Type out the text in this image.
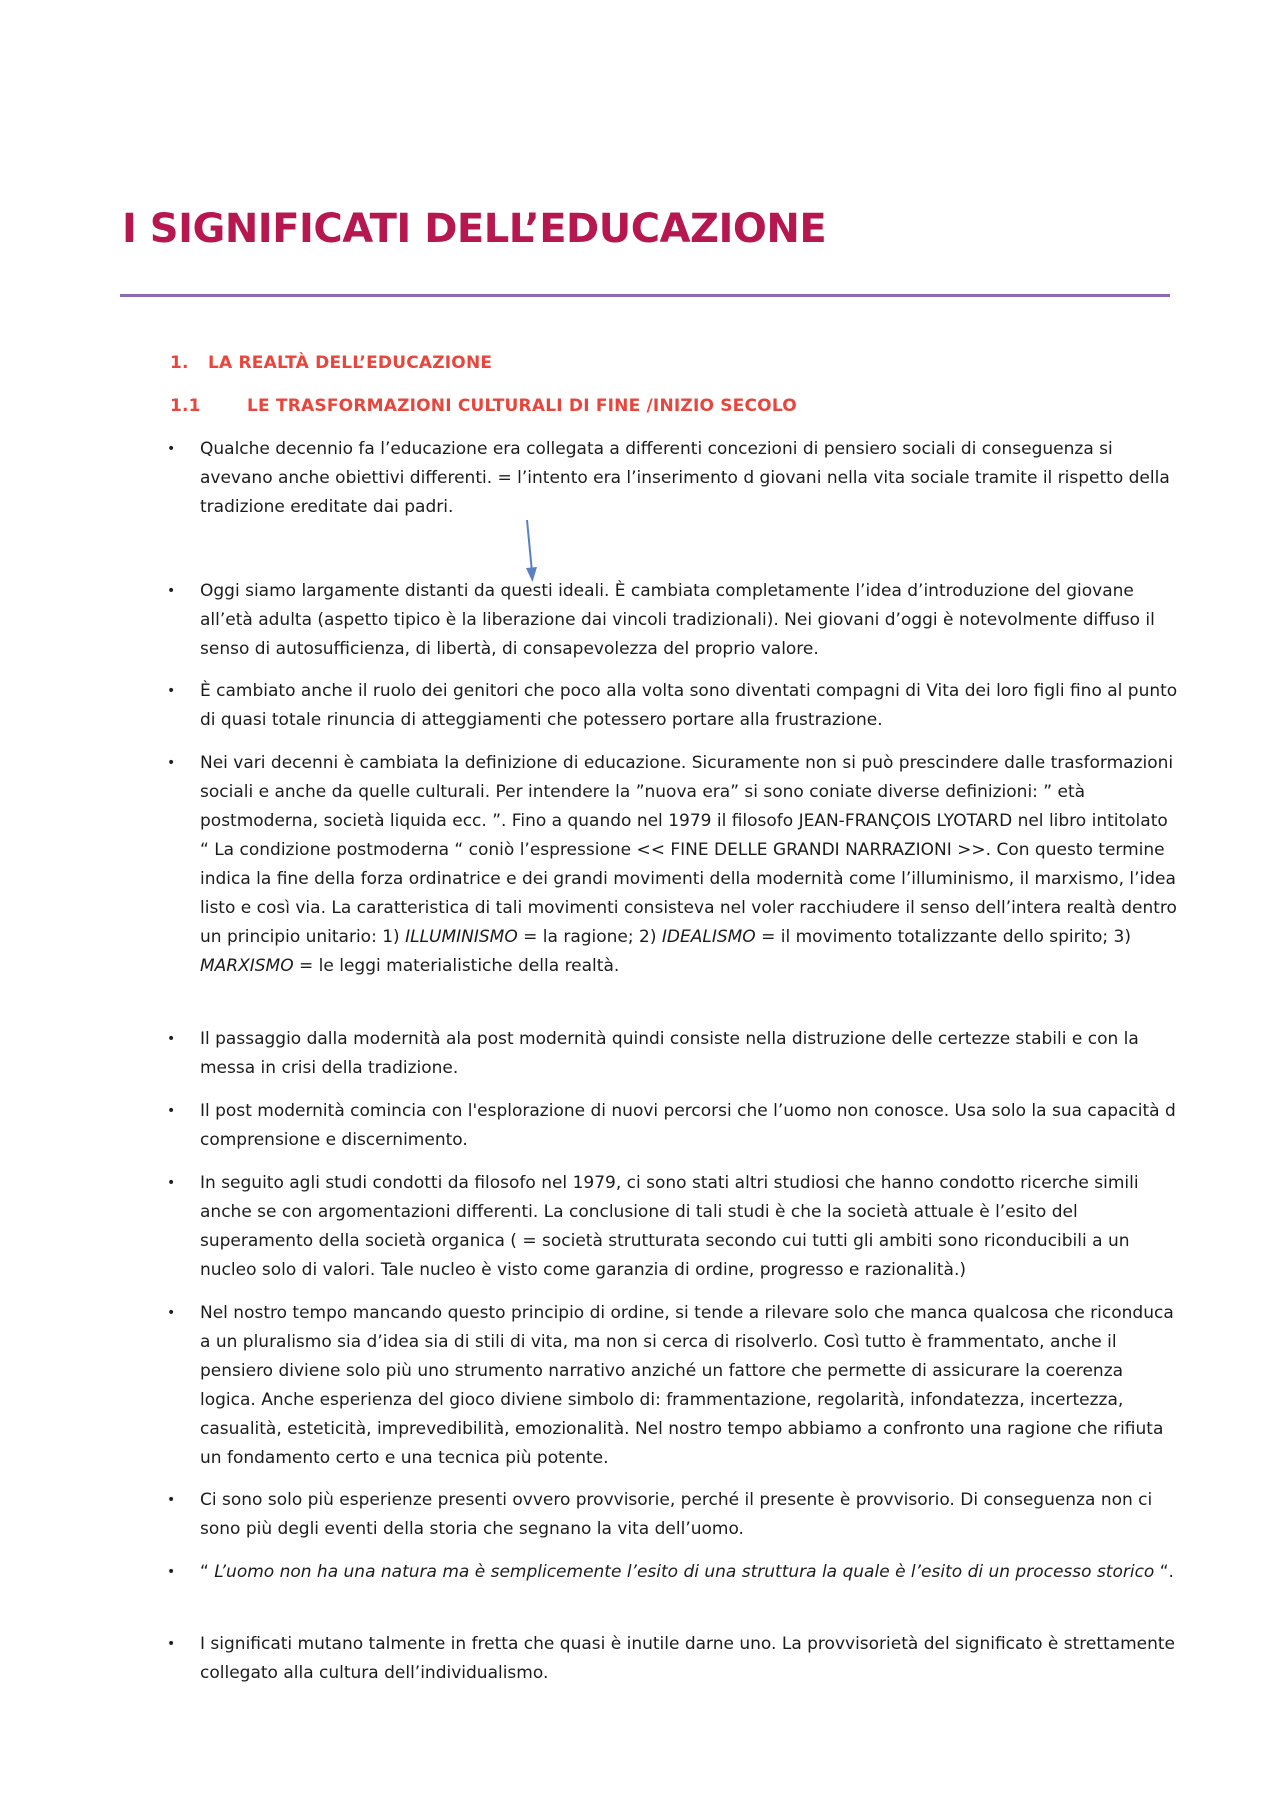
I SIGNIFICATI DELL’EDUCAZIONE
1. LA REALTÀ DELL’EDUCAZIONE
1.1	LE TRASFORMAZIONI CULTURALI DI FINE /INIZIO SECOLO
• Qualche decennio fa l’educazione era collegata a differenti concezioni di pensiero sociali di conseguenza si avevano anche obiettivi differenti. = l’intento era l’inserimento d giovani nella vita sociale tramite il rispetto della tradizione ereditate dai padri.
• Oggi siamo largamente distanti da questi ideali. È cambiata completamente l’idea d’introduzione del giovane all’età adulta (aspetto tipico è la liberazione dai vincoli tradizionali). Nei giovani d’oggi è notevolmente diffuso il senso di autosufficienza, di libertà, di consapevolezza del proprio valore.
• È cambiato anche il ruolo dei genitori che poco alla volta sono diventati compagni di Vita dei loro figli fino al punto di quasi totale rinuncia di atteggiamenti che potessero portare alla frustrazione.
• Nei vari decenni è cambiata la definizione di educazione. Sicuramente non si può prescindere dalle trasformazioni sociali e anche da quelle culturali. Per intendere la ”nuova era” si sono coniate diverse definizioni: ” età postmoderna, società liquida ecc. ”. Fino a quando nel 1979 il filosofo JEAN-FRANÇOIS LYOTARD nel libro intitolato “ La condizione postmoderna “ coniò l’espressione << FINE DELLE GRANDI NARRAZIONI >>. Con questo termine indica la fine della forza ordinatrice e dei grandi movimenti della modernità come l’illuminismo, il marxismo, l’idea listo e così via. La caratteristica di tali movimenti consisteva nel voler racchiudere il senso dell’intera realtà dentro un principio unitario: 1) ILLUMINISMO = la ragione; 2) IDEALISMO = il movimento totalizzante dello spirito; 3) MARXISMO = le leggi materialistiche della realtà.
• Il passaggio dalla modernità ala post modernità quindi consiste nella distruzione delle certezze stabili e con la messa in crisi della tradizione.
• Il post modernità comincia con l'esplorazione di nuovi percorsi che l’uomo non conosce. Usa solo la sua capacità d comprensione e discernimento.
• In seguito agli studi condotti da filosofo nel 1979, ci sono stati altri studiosi che hanno condotto ricerche simili anche se con argomentazioni differenti. La conclusione di tali studi è che la società attuale è l’esito del superamento della società organica ( = società strutturata secondo cui tutti gli ambiti sono riconducibili a un nucleo solo di valori. Tale nucleo è visto come garanzia di ordine, progresso e razionalità.)
• Nel nostro tempo mancando questo principio di ordine, si tende a rilevare solo che manca qualcosa che riconduca a un pluralismo sia d’idea sia di stili di vita, ma non si cerca di risolverlo. Così tutto è frammentato, anche il pensiero diviene solo più uno strumento narrativo anziché un fattore che permette di assicurare la coerenza logica. Anche esperienza del gioco diviene simbolo di: frammentazione, regolarità, infondatezza, incertezza, casualità, esteticità, imprevedibilità, emozionalità. Nel nostro tempo abbiamo a confronto una ragione che rifiuta un fondamento certo e una tecnica più potente.
• Ci sono solo più esperienze presenti ovvero provvisorie, perché il presente è provvisorio. Di conseguenza non ci sono più degli eventi della storia che segnano la vita dell’uomo.
• “ L’uomo non ha una natura ma è semplicemente l’esito di una struttura la quale è l’esito di un processo storico “.
• I significati mutano talmente in fretta che quasi è inutile darne uno. La provvisorietà del significato è strettamente collegato alla cultura dell’individualismo.
